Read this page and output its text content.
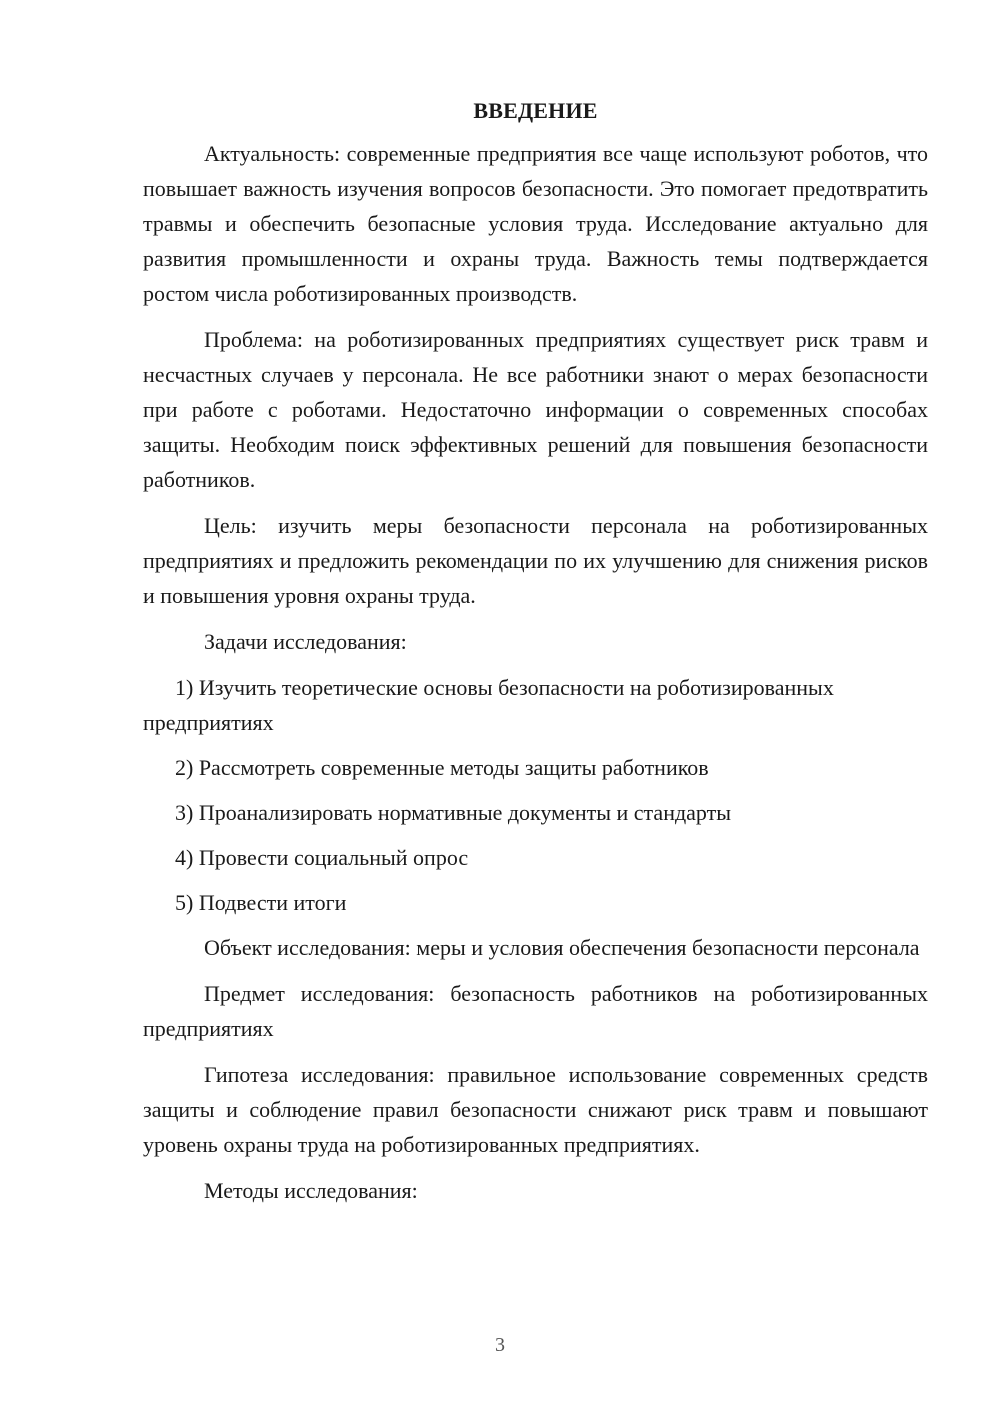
ВВЕДЕНИЕ

Актуальность: современные предприятия все чаще используют роботов, что повышает важность изучения вопросов безопасности. Это помогает предотвратить травмы и обеспечить безопасные условия труда. Исследование актуально для развития промышленности и охраны труда. Важность темы подтверждается ростом числа роботизированных производств.

Проблема: на роботизированных предприятиях существует риск травм и несчастных случаев у персонала. Не все работники знают о мерах безопасности при работе с роботами. Недостаточно информации о современных способах защиты. Необходим поиск эффективных решений для повышения безопасности работников.

Цель: изучить меры безопасности персонала на роботизированных предприятиях и предложить рекомендации по их улучшению для снижения рисков и повышения уровня охраны труда.

Задачи исследования:

1) Изучить теоретические основы безопасности на роботизированных предприятиях

2) Рассмотреть современные методы защиты работников

3) Проанализировать нормативные документы и стандарты

4) Провести социальный опрос

5) Подвести итоги

Объект исследования: меры и условия обеспечения безопасности персонала

Предмет исследования: безопасность работников на роботизированных предприятиях

Гипотеза исследования: правильное использование современных средств защиты и соблюдение правил безопасности снижают риск травм и повышают уровень охраны труда на роботизированных предприятиях.

Методы исследования:

3
